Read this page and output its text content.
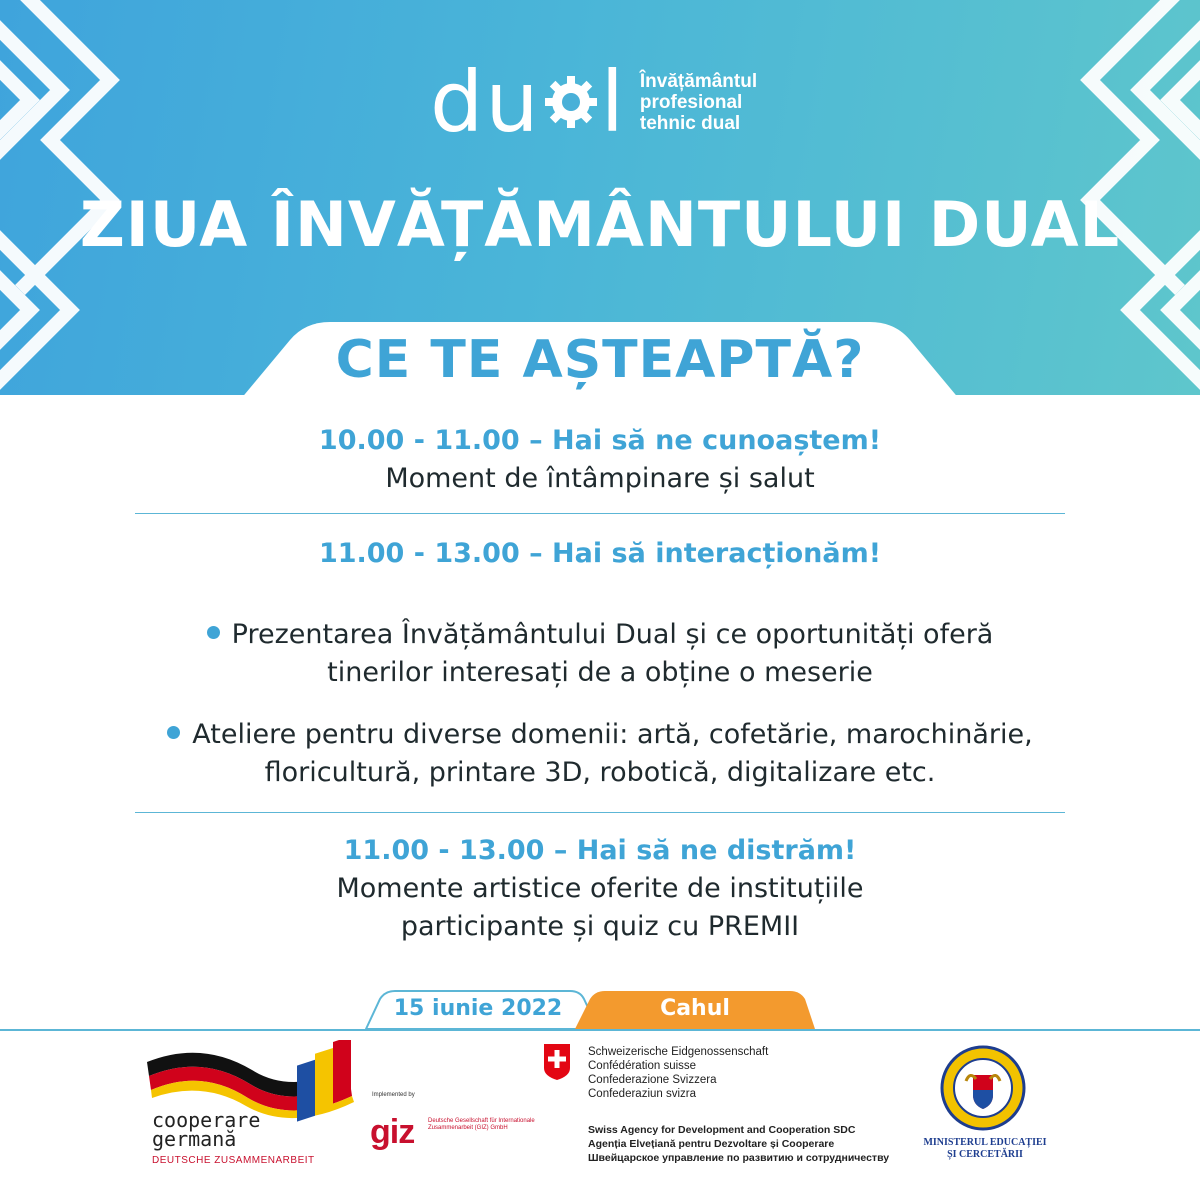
du l Învățământul
profesional
tehnic dual
ZIUA ÎNVĂȚĂMÂNTULUI DUAL
CE TE AȘTEAPTĂ?
10.00 - 11.00 – Hai să ne cunoaștem!
Moment de întâmpinare și salut
11.00 - 13.00 – Hai să interacționăm!
Prezentarea Învățământului Dual și ce oportunități oferă
tinerilor interesați de a obține o meserie
Ateliere pentru diverse domenii: artă, cofetărie, marochinărie,
floricultură, printare 3D, robotică, digitalizare etc.
11.00 - 13.00 – Hai să ne distrăm!
Momente artistice oferite de instituțiile
participante și quiz cu PREMII
15 iunie 2022	Cahul
cooperare
germană
DEUTSCHE ZUSAMMENARBEIT
Implemented by
giz Deutsche Gesellschaft für Internationale Zusammenarbeit (GIZ) GmbH
Schweizerische Eidgenossenschaft
Confédération suisse
Confederazione Svizzera
Confederaziun svizra
Swiss Agency for Development and Cooperation SDC
Agenția Elvețiană pentru Dezvoltare și Cooperare
Швейцарское управление по развитию и сотрудничеству
MINISTERUL EDUCAȚIEI
ȘI CERCETĂRII
